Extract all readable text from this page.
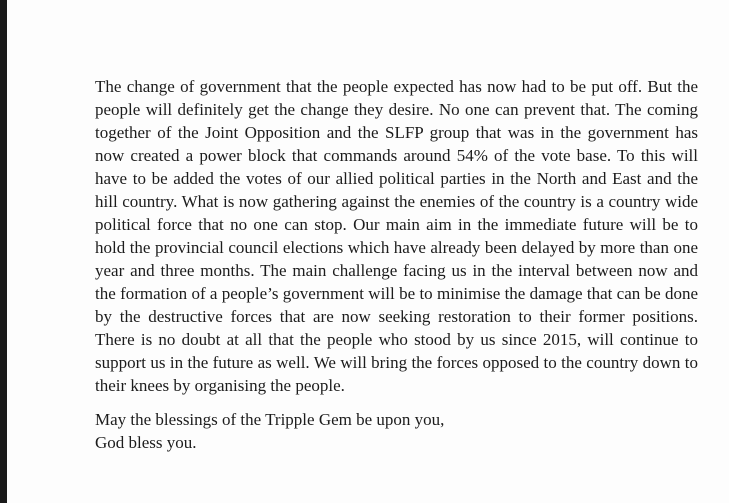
The change of government that the people expected has now had to be put off. But the people will definitely get the change they desire. No one can prevent that. The coming together of the Joint Opposition and the SLFP group that was in the government has now created a power block that commands around 54% of the vote base. To this will have to be added the votes of our allied political parties in the North and East and the hill country. What is now gathering against the enemies of the country is a country wide political force that no one can stop. Our main aim in the immediate future will be to hold the provincial council elections which have already been delayed by more than one year and three months. The main challenge facing us in the interval between now and the formation of a people’s government will be to minimise the damage that can be done by the destructive forces that are now seeking restoration to their former positions. There is no doubt at all that the people who stood by us since 2015, will continue to support us in the future as well. We will bring the forces opposed to the country down to their knees by organising the people.

May the blessings of the Tripple Gem be upon you,
God bless you.
